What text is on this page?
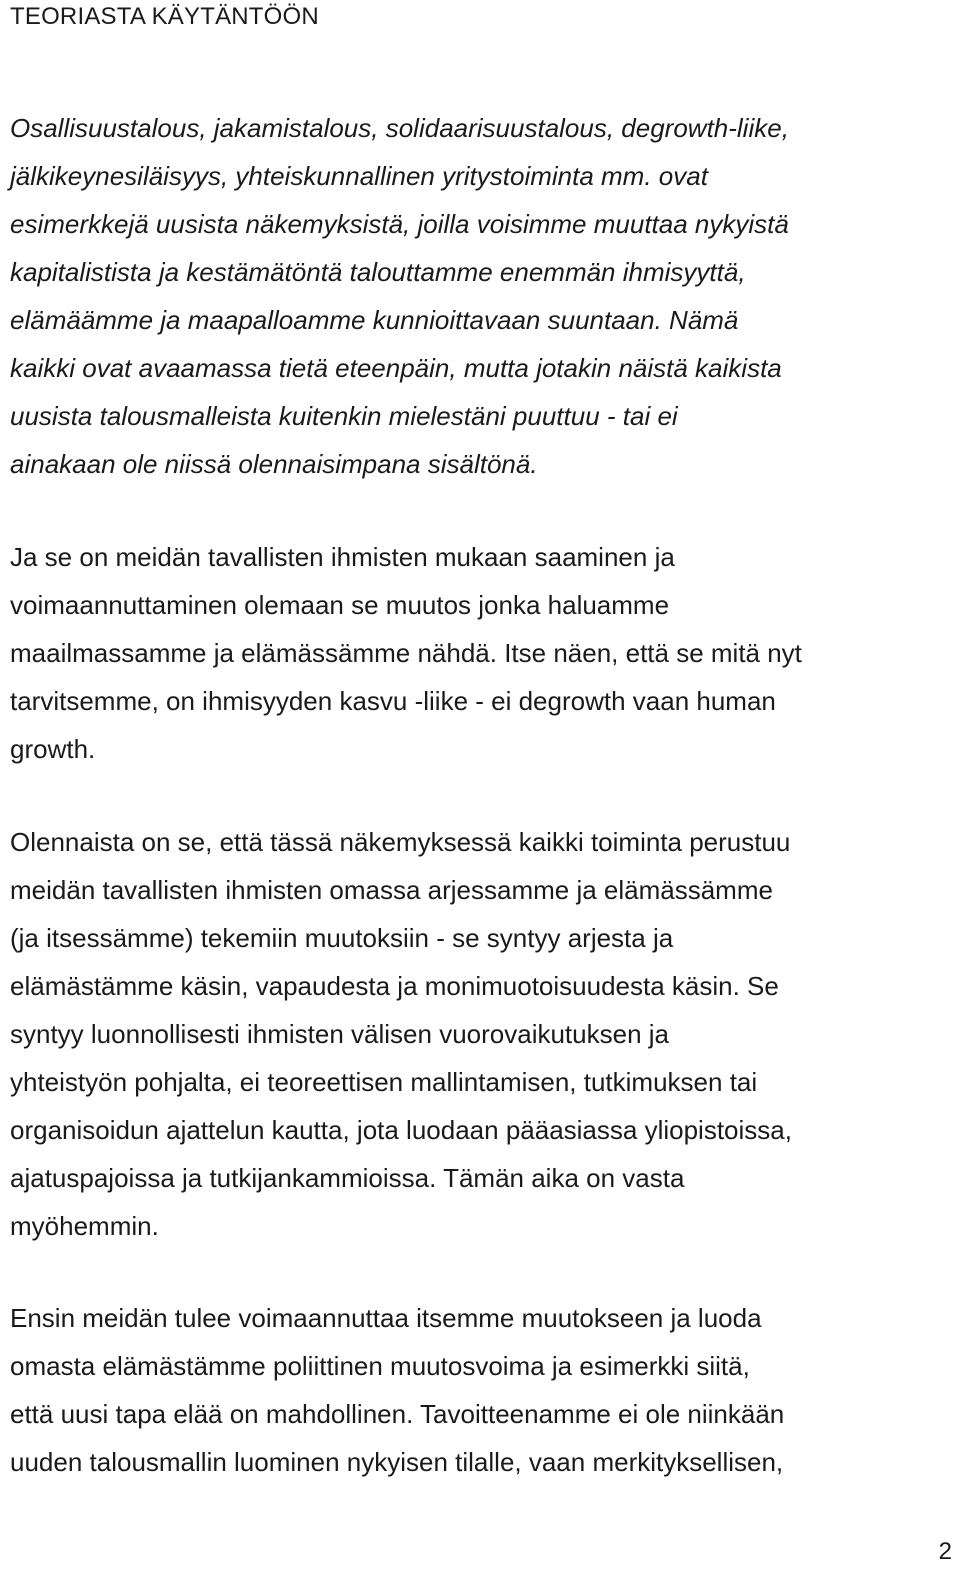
TEORIASTA KÄYTÄNTÖÖN

Osallisuustalous, jakamistalous, solidaarisuustalous, degrowth-liike,
jälkikeynesiläisyys, yhteiskunnallinen yritystoiminta mm. ovat
esimerkkejä uusista näkemyksistä, joilla voisimme muuttaa nykyistä
kapitalistista ja kestämätöntä talouttamme enemmän ihmisyyttä,
elämäämme ja maapalloamme kunnioittavaan suuntaan. Nämä
kaikki ovat avaamassa tietä eteenpäin, mutta jotakin näistä kaikista
uusista talousmalleista kuitenkin mielestäni puuttuu - tai ei
ainakaan ole niissä olennaisimpana sisältönä.

Ja se on meidän tavallisten ihmisten mukaan saaminen ja
voimaannuttaminen olemaan se muutos jonka haluamme
maailmassamme ja elämässämme nähdä. Itse näen, että se mitä nyt
tarvitsemme, on ihmisyyden kasvu -liike - ei degrowth vaan human
growth.

Olennaista on se, että tässä näkemyksessä kaikki toiminta perustuu
meidän tavallisten ihmisten omassa arjessamme ja elämässämme
(ja itsessämme) tekemiin muutoksiin - se syntyy arjesta ja
elämästämme käsin, vapaudesta ja monimuotoisuudesta käsin. Se
syntyy luonnollisesti ihmisten välisen vuorovaikutuksen ja
yhteistyön pohjalta, ei teoreettisen mallintamisen, tutkimuksen tai
organisoidun ajattelun kautta, jota luodaan pääasiassa yliopistoissa,
ajatuspajoissa ja tutkijankammioissa. Tämän aika on vasta
myöhemmin.

Ensin meidän tulee voimaannuttaa itsemme muutokseen ja luoda
omasta elämästämme poliittinen muutosvoima ja esimerkki siitä,
että uusi tapa elää on mahdollinen. Tavoitteenamme ei ole niinkään
uuden talousmallin luominen nykyisen tilalle, vaan merkityksellisen,

2
